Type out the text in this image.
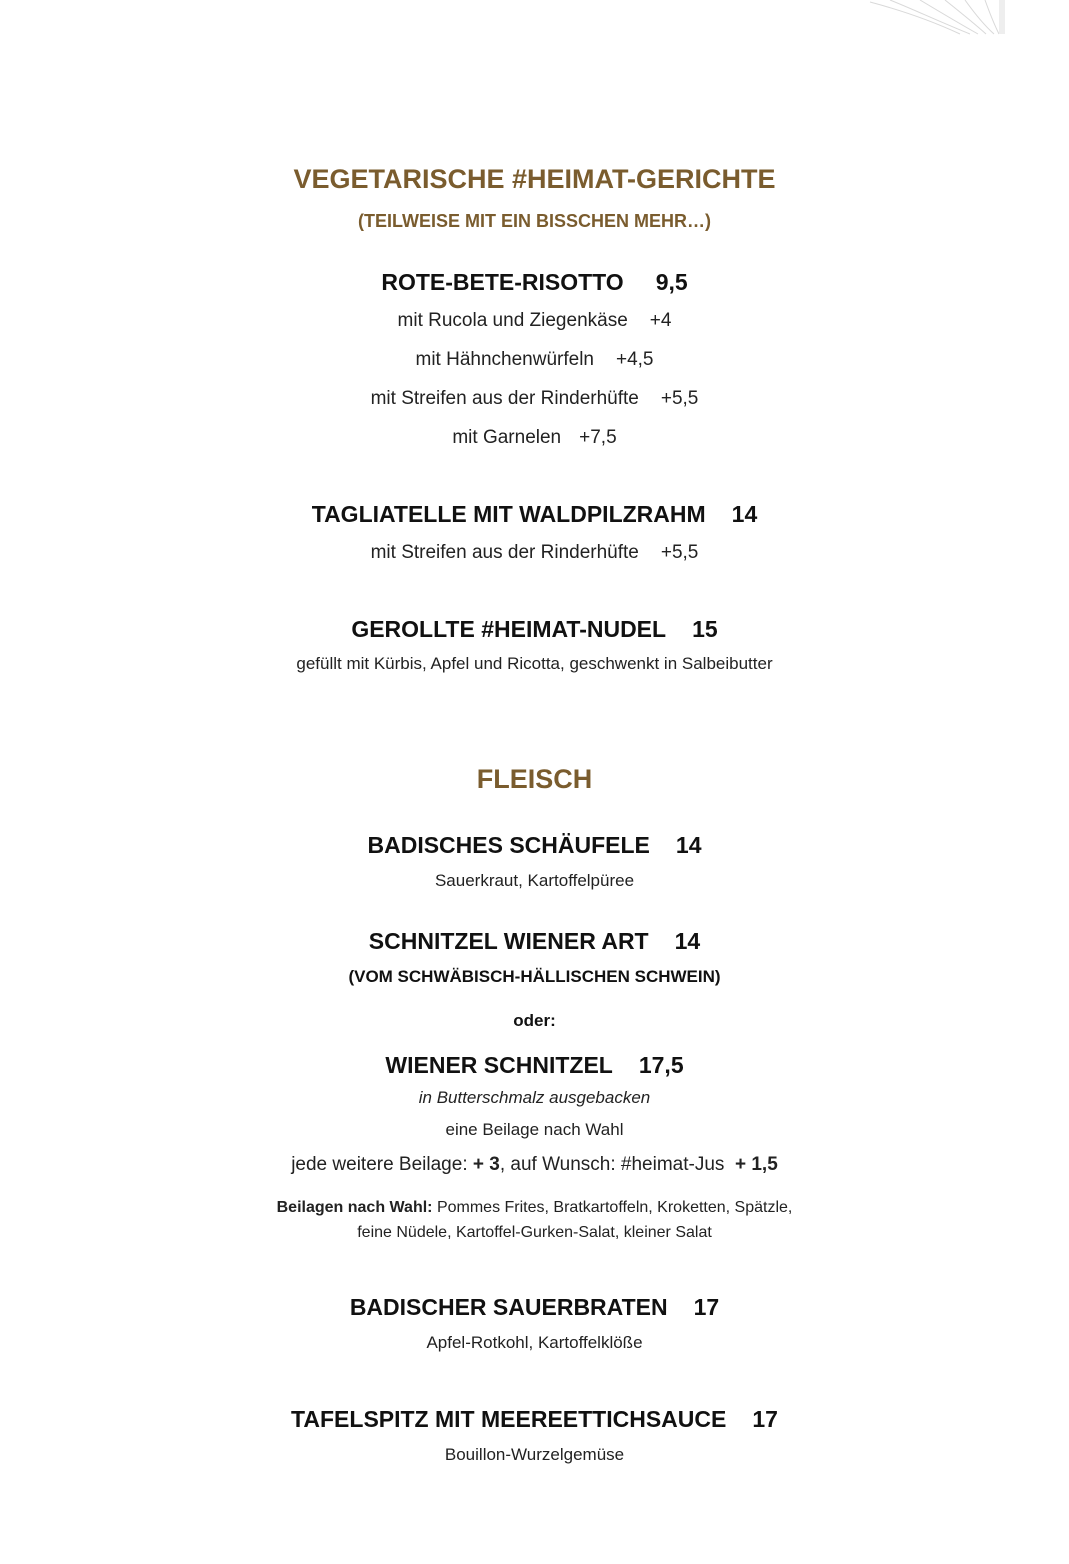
VEGETARISCHE #HEIMAT-GERICHTE
(TEILWEISE MIT EIN BISSCHEN MEHR…)
ROTE-BETE-RISOTTO 9,5
mit Rucola und Ziegenkäse +4
mit Hähnchenwürfeln +4,5
mit Streifen aus der Rinderhüfte +5,5
mit Garnelen +7,5
TAGLIATELLE MIT WALDPILZRAHM 14
mit Streifen aus der Rinderhüfte +5,5
GEROLLTE #HEIMAT-NUDEL 15
gefüllt mit Kürbis, Apfel und Ricotta, geschwenkt in Salbeibutter
FLEISCH
BADISCHES SCHÄUFELE 14
Sauerkraut, Kartoffelpüree
SCHNITZEL WIENER ART 14
(VOM SCHWÄBISCH-HÄLLISCHEN SCHWEIN)
oder:
WIENER SCHNITZEL 17,5
in Butterschmalz ausgebacken
eine Beilage nach Wahl
jede weitere Beilage: + 3, auf Wunsch: #heimat-Jus + 1,5
Beilagen nach Wahl: Pommes Frites, Bratkartoffeln, Kroketten, Spätzle,
feine Nüdele, Kartoffel-Gurken-Salat, kleiner Salat
BADISCHER SAUERBRATEN 17
Apfel-Rotkohl, Kartoffelklöße
TAFELSPITZ MIT MEEREETTICHSAUCE 17
Bouillon-Wurzelgemüse
